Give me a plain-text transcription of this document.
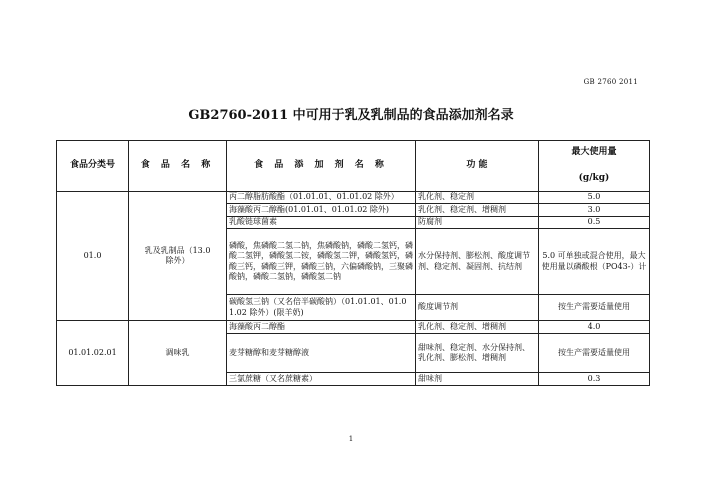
GB 2760 2011
GB2760-2011 中可用于乳及乳制品的食品添加剂名录
食品分类号	食 品 名 称	食 品 添 加 剂 名 称	功 能	最大使用量
(g/kg)

01.0	乳及乳制品（13.0除外）	丙二醇脂肪酸酯（01.01.01、01.01.02 除外）	乳化剂、稳定剂	5.0
		海藻酸丙二醇酯(01.01.01、01.01.02 除外)	乳化剂、稳定剂、增稠剂	3.0
		乳酸链球菌素	防腐剂	0.5
		磷酸，焦磷酸二氢二钠，焦磷酸钠，磷酸二氢钙，磷酸二氢钾，磷酸氢二铵，磷酸氢二钾，磷酸氢钙，磷酸三钙，磷酸三钾，磷酸三钠，六偏磷酸钠，三聚磷酸钠，磷酸二氢钠，磷酸氢二钠	水分保持剂、膨松剂、酸度调节剂、稳定剂、凝固剂、抗结剂	5.0 可单独或混合使用，最大使用量以磷酸根（PO43-）计
		碳酸氢三钠（又名倍半碳酸钠）（01.01.01、01.01.02 除外）(限羊奶)	酸度调节剂	按生产需要适量使用
01.01.02.01	调味乳	海藻酸丙二醇酯	乳化剂、稳定剂、增稠剂	4.0
		麦芽糖醇和麦芽糖醇液	甜味剂、稳定剂、水分保持剂、乳化剂、膨松剂、增稠剂	按生产需要适量使用
		三氯蔗糖（又名蔗糖素）	甜味剂	0.3
1
